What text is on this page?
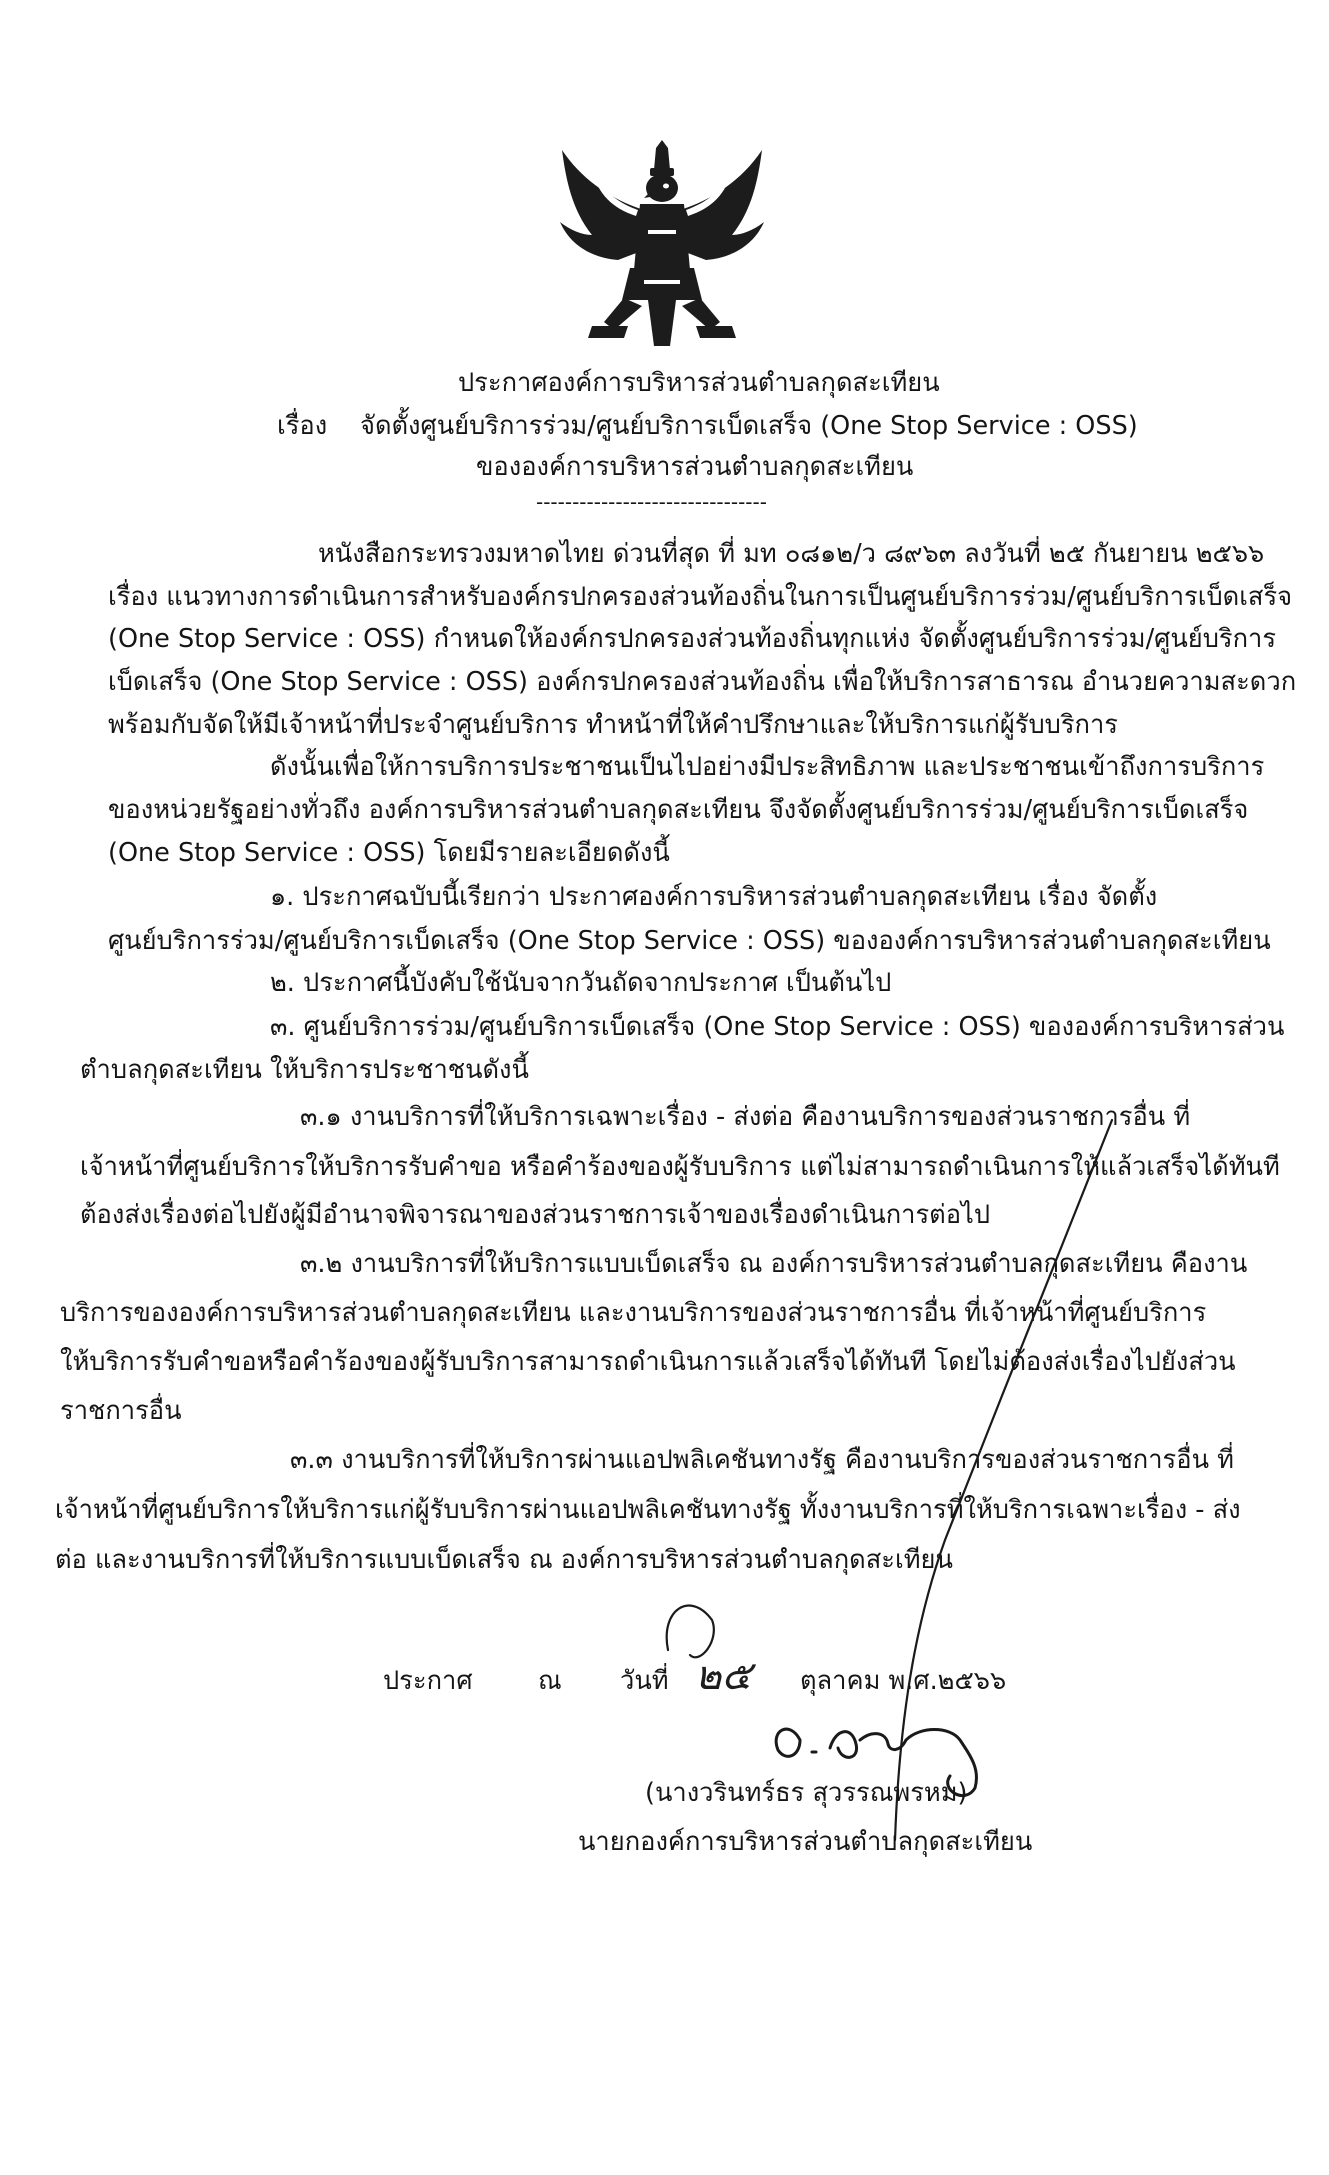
ประกาศองค์การบริหารส่วนตำบลกุดสะเทียน
เรื่อง จัดตั้งศูนย์บริการร่วม/ศูนย์บริการเบ็ดเสร็จ (One Stop Service : OSS)
ขององค์การบริหารส่วนตำบลกุดสะเทียน
--------------------------------
หนังสือกระทรวงมหาดไทย ด่วนที่สุด ที่ มท ๐๘๑๒/ว ๘๙๖๓ ลงวันที่ ๒๕ กันยายน ๒๕๖๖
เรื่อง แนวทางการดำเนินการสำหรับองค์กรปกครองส่วนท้องถิ่นในการเป็นศูนย์บริการร่วม/ศูนย์บริการเบ็ดเสร็จ
(One Stop Service : OSS) กำหนดให้องค์กรปกครองส่วนท้องถิ่นทุกแห่ง จัดตั้งศูนย์บริการร่วม/ศูนย์บริการ
เบ็ดเสร็จ (One Stop Service : OSS) องค์กรปกครองส่วนท้องถิ่น เพื่อให้บริการสาธารณ อำนวยความสะดวก
พร้อมกับจัดให้มีเจ้าหน้าที่ประจำศูนย์บริการ ทำหน้าที่ให้คำปรึกษาและให้บริการแก่ผู้รับบริการ
ดังนั้นเพื่อให้การบริการประชาชนเป็นไปอย่างมีประสิทธิภาพ และประชาชนเข้าถึงการบริการ
ของหน่วยรัฐอย่างทั่วถึง องค์การบริหารส่วนตำบลกุดสะเทียน จึงจัดตั้งศูนย์บริการร่วม/ศูนย์บริการเบ็ดเสร็จ
(One Stop Service : OSS) โดยมีรายละเอียดดังนี้
๑. ประกาศฉบับนี้เรียกว่า ประกาศองค์การบริหารส่วนตำบลกุดสะเทียน เรื่อง จัดตั้ง
ศูนย์บริการร่วม/ศูนย์บริการเบ็ดเสร็จ (One Stop Service : OSS) ขององค์การบริหารส่วนตำบลกุดสะเทียน
๒. ประกาศนี้บังคับใช้นับจากวันถัดจากประกาศ เป็นต้นไป
๓. ศูนย์บริการร่วม/ศูนย์บริการเบ็ดเสร็จ (One Stop Service : OSS) ขององค์การบริหารส่วน
ตำบลกุดสะเทียน ให้บริการประชาชนดังนี้
๓.๑ งานบริการที่ให้บริการเฉพาะเรื่อง - ส่งต่อ คืองานบริการของส่วนราชการอื่น ที่
เจ้าหน้าที่ศูนย์บริการให้บริการรับคำขอ หรือคำร้องของผู้รับบริการ แต่ไม่สามารถดำเนินการให้แล้วเสร็จได้ทันที
ต้องส่งเรื่องต่อไปยังผู้มีอำนาจพิจารณาของส่วนราชการเจ้าของเรื่องดำเนินการต่อไป
๓.๒ งานบริการที่ให้บริการแบบเบ็ดเสร็จ ณ องค์การบริหารส่วนตำบลกุดสะเทียน คืองาน
บริการขององค์การบริหารส่วนตำบลกุดสะเทียน และงานบริการของส่วนราชการอื่น ที่เจ้าหน้าที่ศูนย์บริการ
ให้บริการรับคำขอหรือคำร้องของผู้รับบริการสามารถดำเนินการแล้วเสร็จได้ทันที โดยไม่ต้องส่งเรื่องไปยังส่วน
ราชการอื่น
๓.๓ งานบริการที่ให้บริการผ่านแอปพลิเคชันทางรัฐ คืองานบริการของส่วนราชการอื่น ที่
เจ้าหน้าที่ศูนย์บริการให้บริการแก่ผู้รับบริการผ่านแอปพลิเคชันทางรัฐ ทั้งงานบริการที่ให้บริการเฉพาะเรื่อง - ส่ง
ต่อ และงานบริการที่ให้บริการแบบเบ็ดเสร็จ ณ องค์การบริหารส่วนตำบลกุดสะเทียน
ประกาศ	ณ วันที่ ๒๕ ตุลาคม พ.ศ.๒๕๖๖
(นางวรินทร์ธร สุวรรณพรหม)
นายกองค์การบริหารส่วนตำบลกุดสะเทียน
